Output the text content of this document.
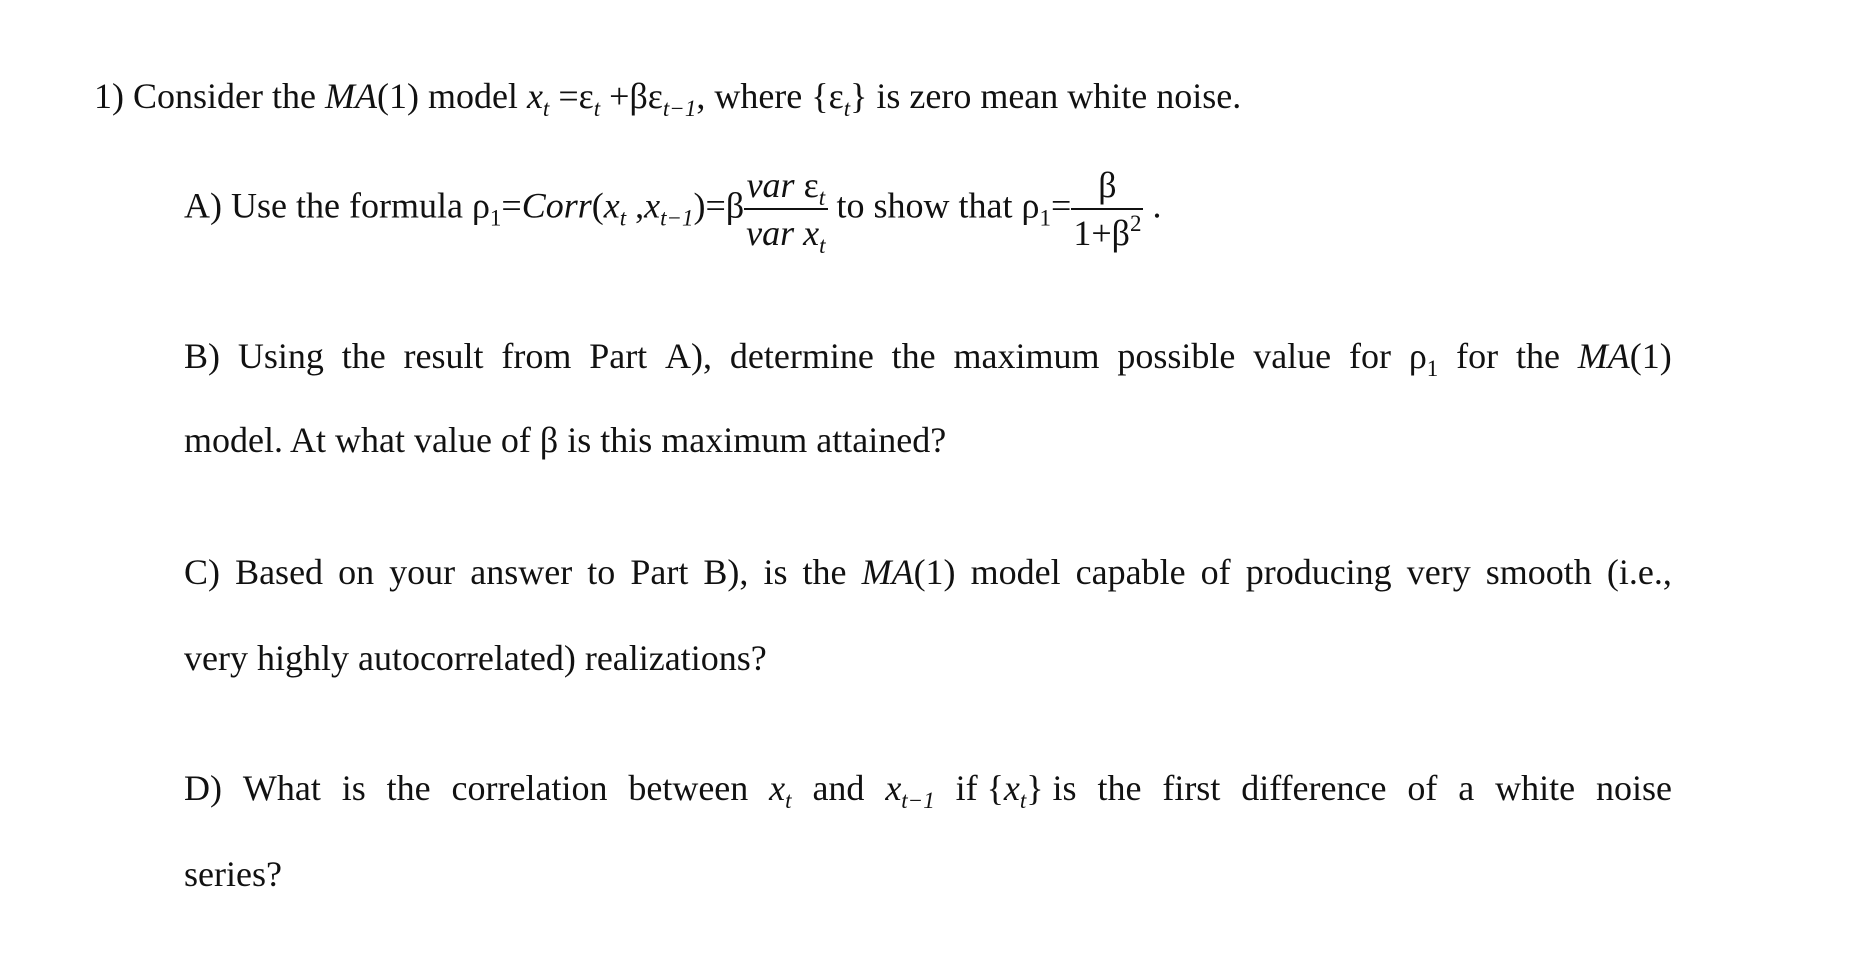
1) Consider the MA(1) model $x_t =\varepsilon_t +\beta\varepsilon_{t-1}$, where $\{\varepsilon_t\}$ is zero mean white noise.
A) Use the formula $\rho_1=Corr(x_t$ $,x_{t-1})=\beta \frac{var \varepsilon_t}{var x_t}$ to show that $\rho_1= \frac{\beta}{1+\beta^2}$ .
B) Using the result from Part A), determine the maximum possible value for $\rho_1$ for the MA(1)
model. At what value of β is this maximum attained?
C) Based on your answer to Part B), is the MA(1) model capable of producing very smooth (i.e.,
very highly autocorrelated) realizations?
D) What is the correlation between $x_t$ and $x_{t-1}$ if $\{x_t\}$ is the first difference of a white noise
series?
